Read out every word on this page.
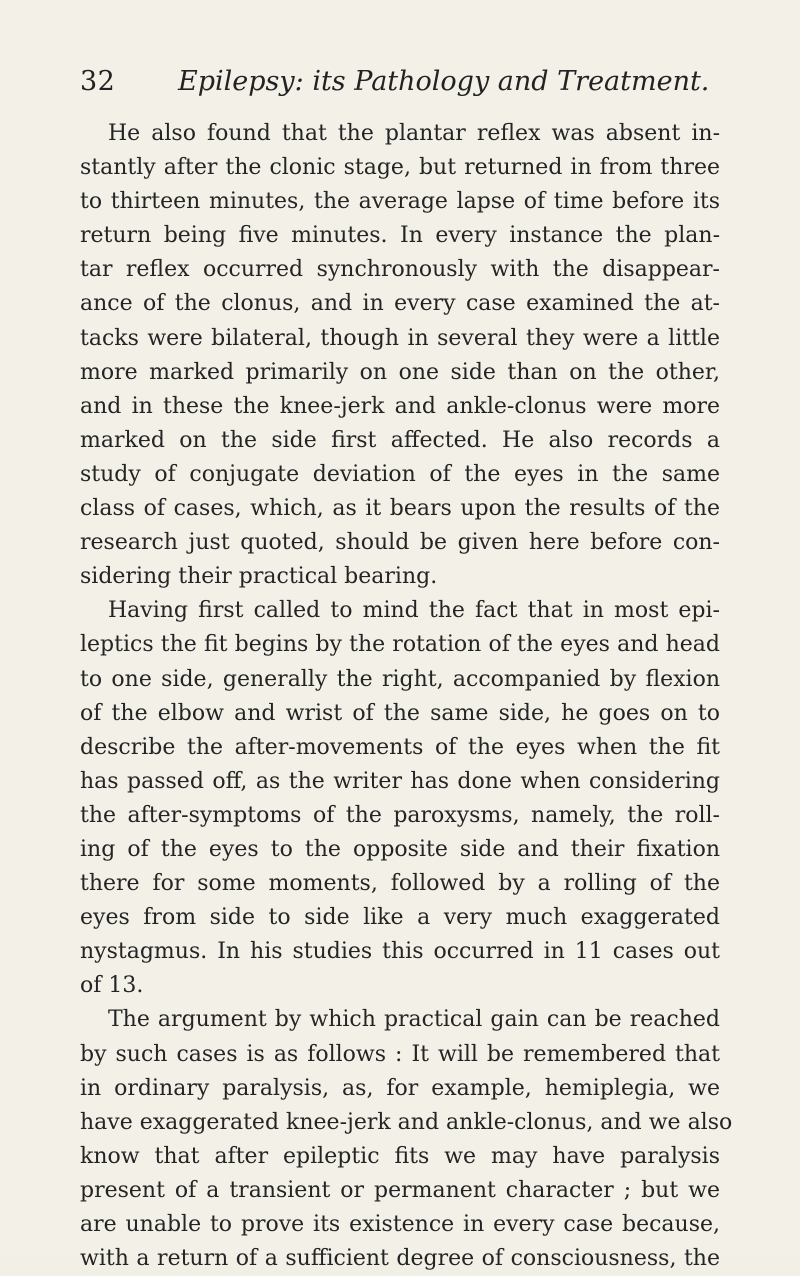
32 Epilepsy: its Pathology and Treatment.
He also found that the plantar reflex was absent in-
stantly after the clonic stage, but returned in from three
to thirteen minutes, the average lapse of time before its
return being five minutes. In every instance the plan-
tar reflex occurred synchronously with the disappear-
ance of the clonus, and in every case examined the at-
tacks were bilateral, though in several they were a little
more marked primarily on one side than on the other,
and in these the knee-jerk and ankle-clonus were more
marked on the side first affected. He also records a
study of conjugate deviation of the eyes in the same
class of cases, which, as it bears upon the results of the
research just quoted, should be given here before con-
sidering their practical bearing.
Having first called to mind the fact that in most epi-
leptics the fit begins by the rotation of the eyes and head
to one side, generally the right, accompanied by flexion
of the elbow and wrist of the same side, he goes on to
describe the after-movements of the eyes when the fit
has passed off, as the writer has done when considering
the after-symptoms of the paroxysms, namely, the roll-
ing of the eyes to the opposite side and their fixation
there for some moments, followed by a rolling of the
eyes from side to side like a very much exaggerated
nystagmus. In his studies this occurred in 11 cases out
of 13.
The argument by which practical gain can be reached
by such cases is as follows : It will be remembered that
in ordinary paralysis, as, for example, hemiplegia, we
have exaggerated knee-jerk and ankle-clonus, and we also
know that after epileptic fits we may have paralysis
present of a transient or permanent character ; but we
are unable to prove its existence in every case because,
with a return of a sufficient degree of consciousness, the
